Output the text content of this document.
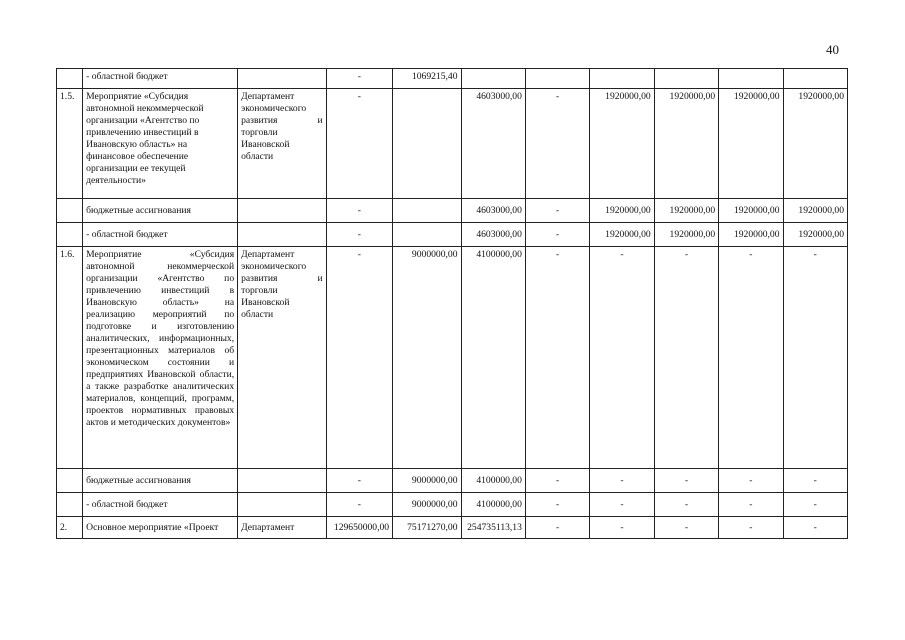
40
	- областной бюджет		-	1069215,40						
1.5.	Мероприятие «Субсидия автономной некоммерческой организации «Агентство по привлечению инвестиций в Ивановскую область» на финансовое обеспечение организации ее текущей деятельности»	Департамент экономического развития и торговли Ивановской области	-		4603000,00	-	1920000,00	1920000,00	1920000,00	1920000,00
	бюджетные ассигнования		-		4603000,00	-	1920000,00	1920000,00	1920000,00	1920000,00
	- областной бюджет		-		4603000,00	-	1920000,00	1920000,00	1920000,00	1920000,00
1.6.	Мероприятие «Субсидия автономной некоммерческой организации «Агентство по привлечению инвестиций в Ивановскую область» на реализацию мероприятий по подготовке и изготовлению аналитических, информационных, презентационных материалов об экономическом состоянии и предприятиях Ивановской области, а также разработке аналитических материалов, концепций, программ, проектов нормативных правовых актов и методических документов»	Департамент экономического развития и торговли Ивановской области	-	9000000,00	4100000,00	-	-	-	-	-
	бюджетные ассигнования		-	9000000,00	4100000,00	-	-	-	-	-
	- областной бюджет		-	9000000,00	4100000,00	-	-	-	-	-
2.	Основное мероприятие «Проект	Департамент	129650000,00	75171270,00	254735113,13	-	-	-	-	-
